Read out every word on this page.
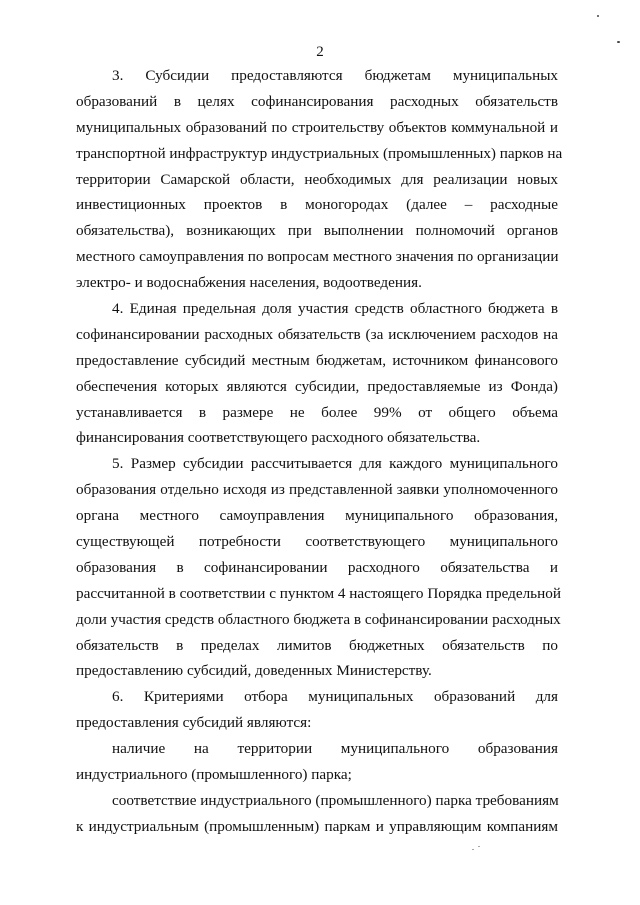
2
3. Субсидии предоставляются бюджетам муниципальных
образований в целях софинансирования расходных обязательств
муниципальных образований по строительству объектов коммунальной и
транспортной инфраструктур индустриальных (промышленных) парков на
территории Самарской области, необходимых для реализации новых
инвестиционных проектов в моногородах (далее – расходные
обязательства), возникающих при выполнении полномочий органов
местного самоуправления по вопросам местного значения по организации
электро- и водоснабжения населения, водоотведения.
4. Единая предельная доля участия средств областного бюджета в
софинансировании расходных обязательств (за исключением расходов на
предоставление субсидий местным бюджетам, источником финансового
обеспечения которых являются субсидии, предоставляемые из Фонда)
устанавливается в размере не более 99% от общего объема
финансирования соответствующего расходного обязательства.
5. Размер субсидии рассчитывается для каждого муниципального
образования отдельно исходя из представленной заявки уполномоченного
органа местного самоуправления муниципального образования,
существующей потребности соответствующего муниципального
образования в софинансировании расходного обязательства и
рассчитанной в соответствии с пунктом 4 настоящего Порядка предельной
доли участия средств областного бюджета в софинансировании расходных
обязательств в пределах лимитов бюджетных обязательств по
предоставлению субсидий, доведенных Министерству.
6. Критериями отбора муниципальных образований для
предоставления субсидий являются:
наличие на территории муниципального образования
индустриального (промышленного) парка;
соответствие индустриального (промышленного) парка требованиям
к индустриальным (промышленным) паркам и управляющим компаниям
